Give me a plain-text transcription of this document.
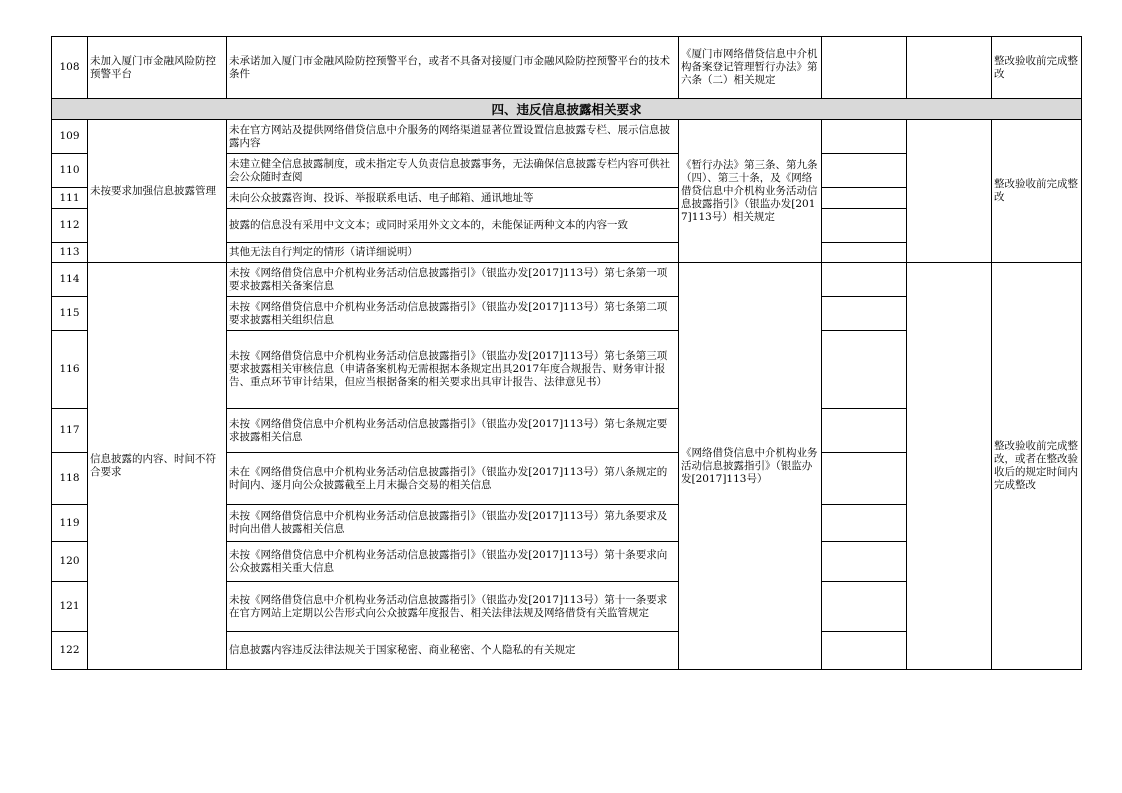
108	未加入厦门市金融风险防控预警平台	未承诺加入厦门市金融风险防控预警平台，或者不具备对接厦门市金融风险防控预警平台的技术条件	《厦门市网络借贷信息中介机构备案登记管理暂行办法》第六条（二）相关规定			整改验收前完成整改
四、违反信息披露相关要求						
109	未按要求加强信息披露管理	未在官方网站及提供网络借贷信息中介服务的网络渠道显著位置设置信息披露专栏、展示信息披露内容	《暂行办法》第三条、第九条（四）、第三十条，及《网络借贷信息中介机构业务活动信息披露指引》（银监办发[2017]113号）相关规定			整改验收前完成整改
110		未建立健全信息披露制度，或未指定专人负责信息披露事务，无法确保信息披露专栏内容可供社会公众随时查阅				
111		未向公众披露咨询、投诉、举报联系电话、电子邮箱、通讯地址等				
112		披露的信息没有采用中文文本；或同时采用外文文本的，未能保证两种文本的内容一致				
113		其他无法自行判定的情形（请详细说明）				
114	信息披露的内容、时间不符合要求	未按《网络借贷信息中介机构业务活动信息披露指引》（银监办发[2017]113号）第七条第一项要求披露相关备案信息	《网络借贷信息中介机构业务活动信息披露指引》（银监办发[2017]113号）			整改验收前完成整改，或者在整改验收后的规定时间内完成整改
115		未按《网络借贷信息中介机构业务活动信息披露指引》（银监办发[2017]113号）第七条第二项要求披露相关组织信息				
116		未按《网络借贷信息中介机构业务活动信息披露指引》（银监办发[2017]113号）第七条第三项要求披露相关审核信息（申请备案机构无需根据本条规定出具2017年度合规报告、财务审计报告、重点环节审计结果，但应当根据备案的相关要求出具审计报告、法律意见书）				
117		未按《网络借贷信息中介机构业务活动信息披露指引》（银监办发[2017]113号）第七条规定要求披露相关信息				
118		未在《网络借贷信息中介机构业务活动信息披露指引》（银监办发[2017]113号）第八条规定的时间内、逐月向公众披露截至上月末撮合交易的相关信息				
119		未按《网络借贷信息中介机构业务活动信息披露指引》（银监办发[2017]113号）第九条要求及时向出借人披露相关信息				
120		未按《网络借贷信息中介机构业务活动信息披露指引》（银监办发[2017]113号）第十条要求向公众披露相关重大信息				
121		未按《网络借贷信息中介机构业务活动信息披露指引》（银监办发[2017]113号）第十一条要求在官方网站上定期以公告形式向公众披露年度报告、相关法律法规及网络借贷有关监管规定				
122		信息披露内容违反法律法规关于国家秘密、商业秘密、个人隐私的有关规定				
